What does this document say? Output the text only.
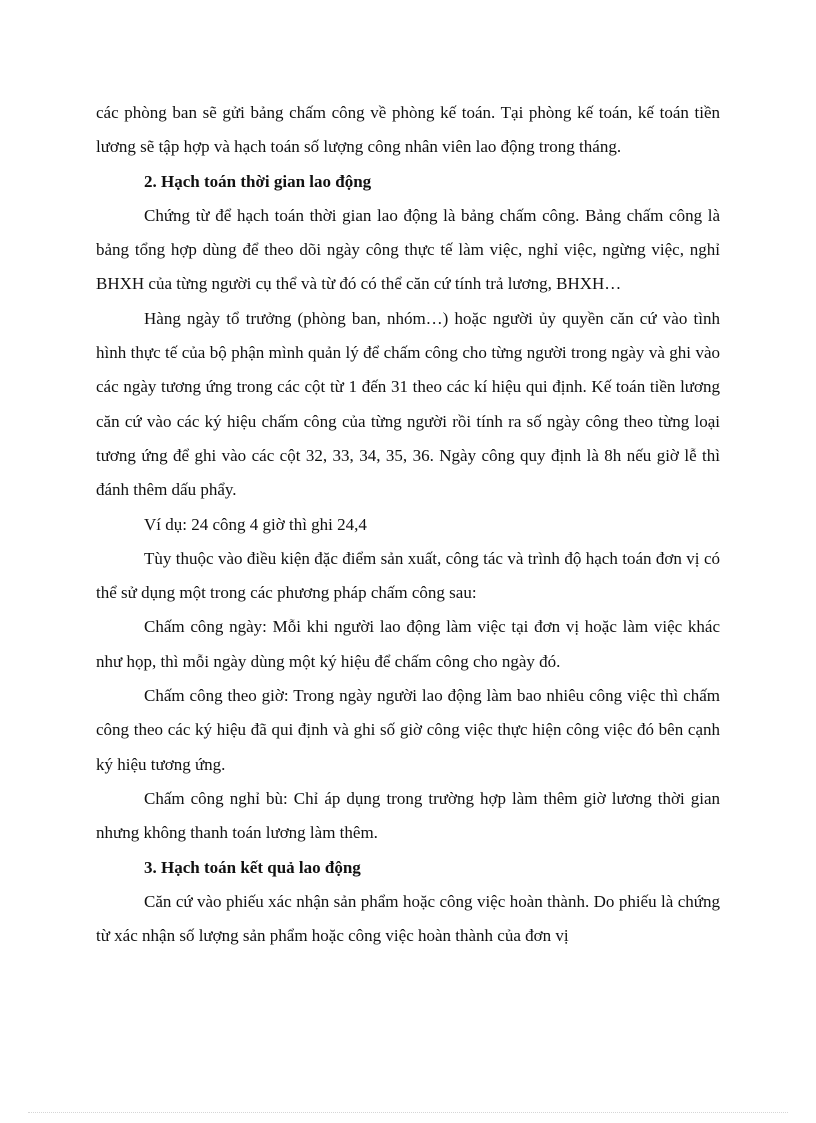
các phòng ban sẽ gửi bảng chấm công về phòng kế toán. Tại phòng kế toán, kế toán tiền lương sẽ tập hợp và hạch toán số lượng công nhân viên lao động trong tháng.

2. Hạch toán thời gian lao động

Chứng từ để hạch toán thời gian lao động là bảng chấm công. Bảng chấm công là bảng tổng hợp dùng để theo dõi ngày công thực tế làm việc, nghỉ việc, ngừng việc, nghỉ BHXH của từng người cụ thể và từ đó có thể căn cứ tính trả lương, BHXH…

Hàng ngày tổ trưởng (phòng ban, nhóm…) hoặc người ủy quyền căn cứ vào tình hình thực tế của bộ phận mình quản lý để chấm công cho từng người trong ngày và ghi vào các ngày tương ứng trong các cột từ 1 đến 31 theo các kí hiệu qui định. Kế toán tiền lương căn cứ vào các ký hiệu chấm công của từng người rồi tính ra số ngày công theo từng loại tương ứng để ghi vào các cột 32, 33, 34, 35, 36. Ngày công quy định là 8h nếu giờ lễ thì đánh thêm dấu phẩy.

Ví dụ: 24 công 4 giờ thì ghi 24,4

Tùy thuộc vào điều kiện đặc điểm sản xuất, công tác và trình độ hạch toán đơn vị có thể sử dụng một trong các phương pháp chấm công sau:

Chấm công ngày: Mỗi khi người lao động làm việc tại đơn vị hoặc làm việc khác như họp, thì mỗi ngày dùng một ký hiệu để chấm công cho ngày đó.

Chấm công theo giờ: Trong ngày người lao động làm bao nhiêu công việc thì chấm công theo các ký hiệu đã qui định và ghi số giờ công việc thực hiện công việc đó bên cạnh ký hiệu tương ứng.

Chấm công nghỉ bù: Chỉ áp dụng trong trường hợp làm thêm giờ lương thời gian nhưng không thanh toán lương làm thêm.

3. Hạch toán kết quả lao động

Căn cứ vào phiếu xác nhận sản phẩm hoặc công việc hoàn thành. Do phiếu là chứng từ xác nhận số lượng sản phẩm hoặc công việc hoàn thành của đơn vị
